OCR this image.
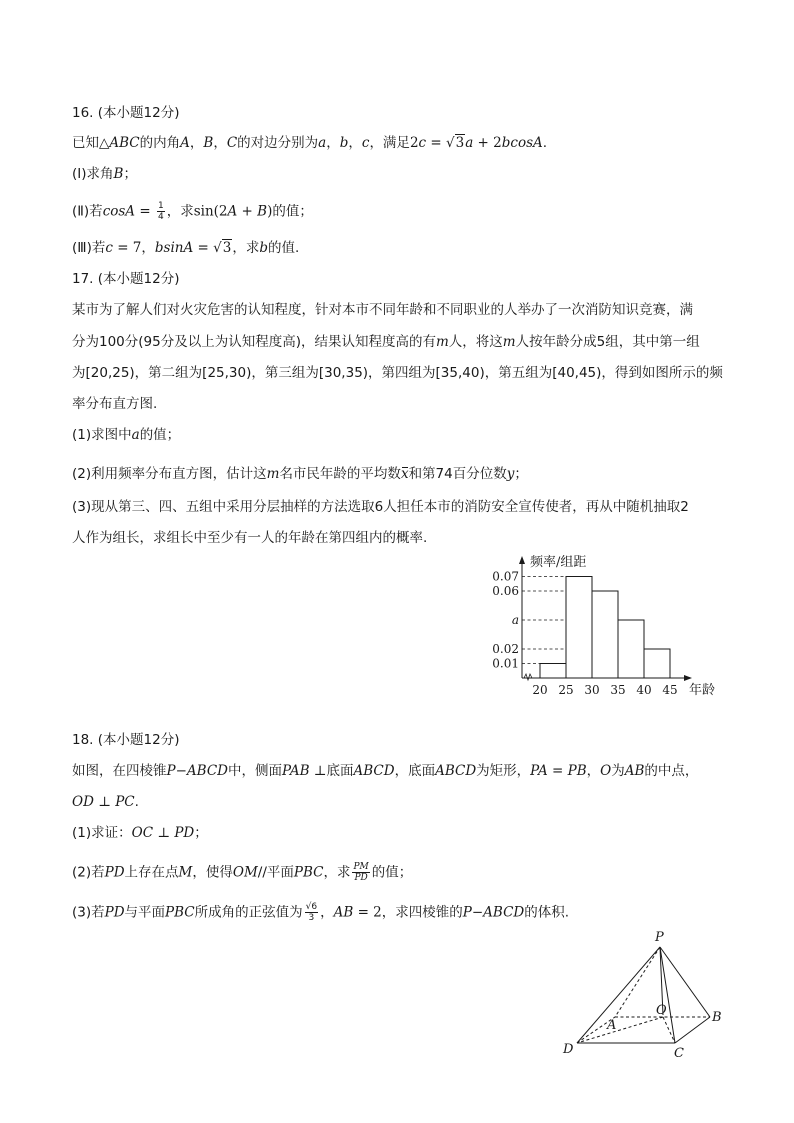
16. (本小题12分)
已知△ABC的内角A，B，C的对边分别为a，b，c，满足2c = √3a + 2bcosA.
(Ⅰ)求角B；
(Ⅱ)若$\cos A = \frac{1}{4}$ ，求sin(2A + B)的值；
(Ⅲ)若c = 7，bsinA = √3，求b的值.
17. (本小题12分)
某市为了解人们对火灾危害的认知程度，针对本市不同年龄和不同职业的人举办了一次消防知识竞赛，满
分为100分(95分及以上为认知程度高)，结果认知程度高的有m人，将这m人按年龄分成5组，其中第一组
为[20,25)，第二组为[25,30)，第三组为[30,35)，第四组为[35,40)，第五组为[40,45)，得到如图所示的频
率分布直方图.
(1)求图中a的值；
(2)利用频率分布直方图，估计这m名市民年龄的平均数x和第74百分位数y；
(3)现从第三、四、五组中采用分层抽样的方法选取6人担任本市的消防安全宣传使者，再从中随机抽取2
人作为组长，求组长中至少有一人的年龄在第四组内的概率.
频率/组距
年龄
0.07
0.06
a
0.02
0.01
20 25 30 35 40 45
18. (本小题12分)
如图，在四棱锥P−ABCD中，侧面PAB ⊥底面ABCD，底面ABCD为矩形，PA = PB，O为AB的中点，
OD ⊥ PC.
(1)求证：OC ⊥ PD；
(2)若PD上存在点M，使得OM//平面PBC，求 $\frac{PM}{PD}$ 的值；
(3)若PD与平面PBC所成角的正弦值为 $\frac{√6}{3}$ ，AB = 2，求四棱锥的P−ABCD的体积.
P
A
O	B
D	C
